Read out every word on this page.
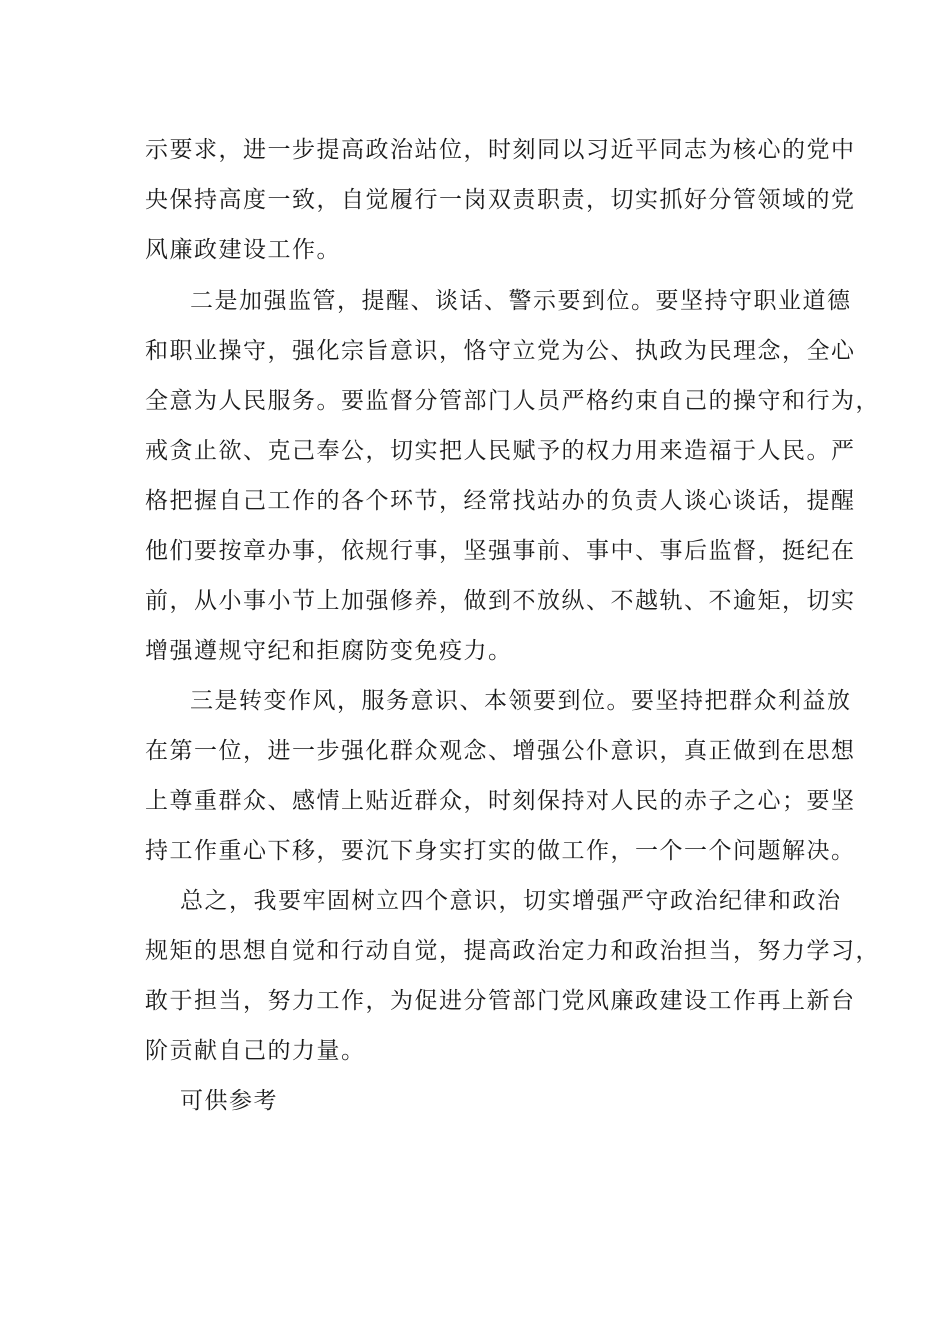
示要求，进一步提高政治站位，时刻同以习近平同志为核心的党中
央保持高度一致，自觉履行一岗双责职责，切实抓好分管领域的党
风廉政建设工作。
二是加强监管，提醒、谈话、警示要到位。要坚持守职业道德
和职业操守，强化宗旨意识，恪守立党为公、执政为民理念，全心
全意为人民服务。要监督分管部门人员严格约束自己的操守和行为，
戒贪止欲、克己奉公，切实把人民赋予的权力用来造福于人民。严
格把握自己工作的各个环节，经常找站办的负责人谈心谈话，提醒
他们要按章办事，依规行事，坚强事前、事中、事后监督，挺纪在
前，从小事小节上加强修养，做到不放纵、不越轨、不逾矩，切实
增强遵规守纪和拒腐防变免疫力。
三是转变作风，服务意识、本领要到位。要坚持把群众利益放
在第一位，进一步强化群众观念、增强公仆意识，真正做到在思想
上尊重群众、感情上贴近群众，时刻保持对人民的赤子之心；要坚
持工作重心下移，要沉下身实打实的做工作，一个一个问题解决。
总之，我要牢固树立四个意识，切实增强严守政治纪律和政治
规矩的思想自觉和行动自觉，提高政治定力和政治担当，努力学习，
敢于担当，努力工作，为促进分管部门党风廉政建设工作再上新台
阶贡献自己的力量。
可供参考
